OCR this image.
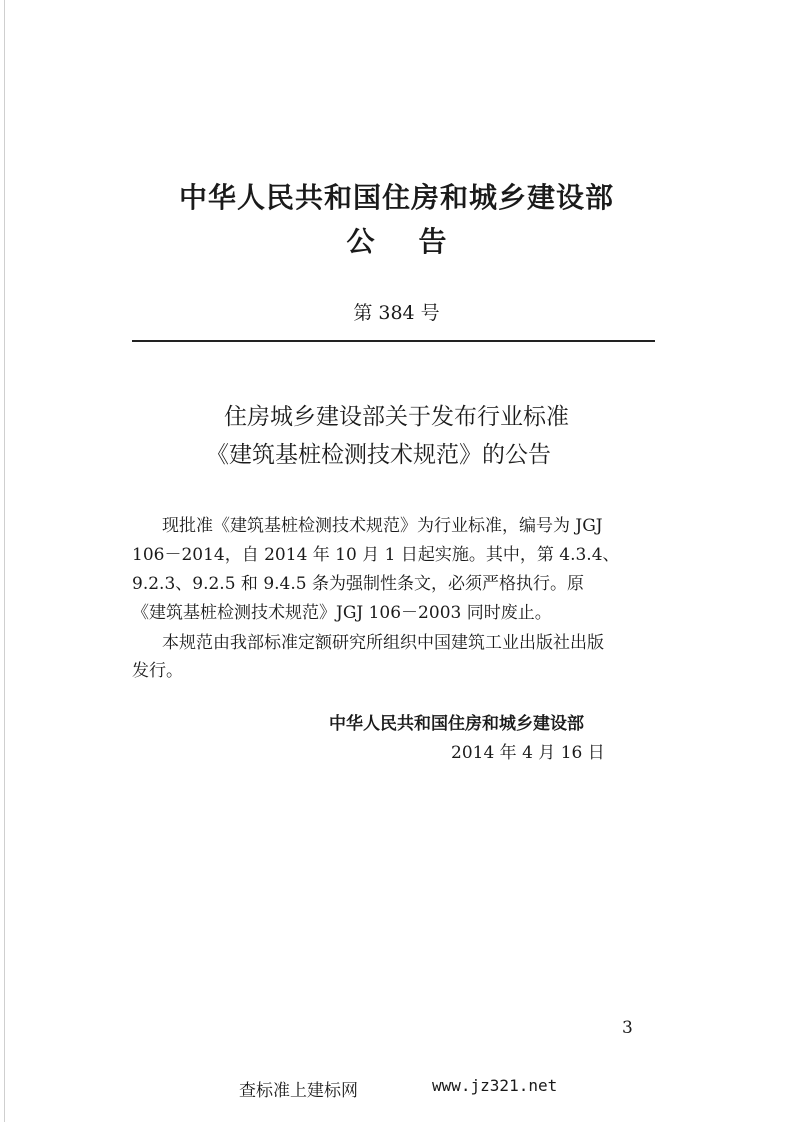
中华人民共和国住房和城乡建设部
公告
第 384 号
住房城乡建设部关于发布行业标准
《建筑基桩检测技术规范》的公告
现批准《建筑基桩检测技术规范》为行业标准，编号为 JGJ
106－2014，自 2014 年 10 月 1 日起实施。其中，第 4.3.4、
9.2.3、9.2.5 和 9.4.5 条为强制性条文，必须严格执行。原
《建筑基桩检测技术规范》JGJ 106－2003 同时废止。
本规范由我部标准定额研究所组织中国建筑工业出版社出版
发行。
中华人民共和国住房和城乡建设部
2014 年 4 月 16 日
3
查标准上建标网	www.jz321.net
